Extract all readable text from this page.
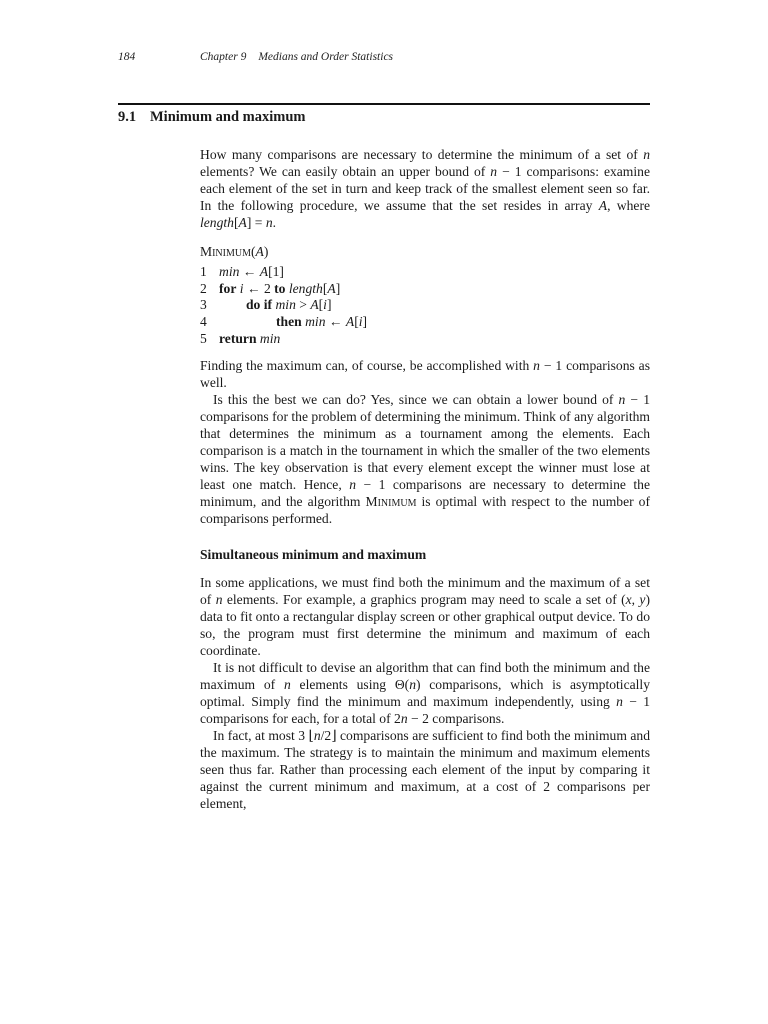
184	Chapter 9 Medians and Order Statistics
9.1 Minimum and maximum

How many comparisons are necessary to determine the minimum of a set of n elements? We can easily obtain an upper bound of n − 1 comparisons: examine each element of the set in turn and keep track of the smallest element seen so far. In the following procedure, we assume that the set resides in array A, where length[A] = n.

Minimum(A)
1 min ← A[1]
2 for i ← 2 to length[A]
3	do if min > A[i]
4	then min ← A[i]
5 return min

Finding the maximum can, of course, be accomplished with n − 1 comparisons as well.

Is this the best we can do? Yes, since we can obtain a lower bound of n − 1 comparisons for the problem of determining the minimum. Think of any algorithm that determines the minimum as a tournament among the elements. Each comparison is a match in the tournament in which the smaller of the two elements wins. The key observation is that every element except the winner must lose at least one match. Hence, n − 1 comparisons are necessary to determine the minimum, and the algorithm Minimum is optimal with respect to the number of comparisons performed.

Simultaneous minimum and maximum

In some applications, we must find both the minimum and the maximum of a set of n elements. For example, a graphics program may need to scale a set of (x, y) data to fit onto a rectangular display screen or other graphical output device. To do so, the program must first determine the minimum and maximum of each coordinate.

It is not difficult to devise an algorithm that can find both the minimum and the maximum of n elements using Θ(n) comparisons, which is asymptotically optimal. Simply find the minimum and maximum independently, using n − 1 comparisons for each, for a total of 2n − 2 comparisons.

In fact, at most 3 ⌊n/2⌋ comparisons are sufficient to find both the minimum and the maximum. The strategy is to maintain the minimum and maximum elements seen thus far. Rather than processing each element of the input by comparing it against the current minimum and maximum, at a cost of 2 comparisons per element,
